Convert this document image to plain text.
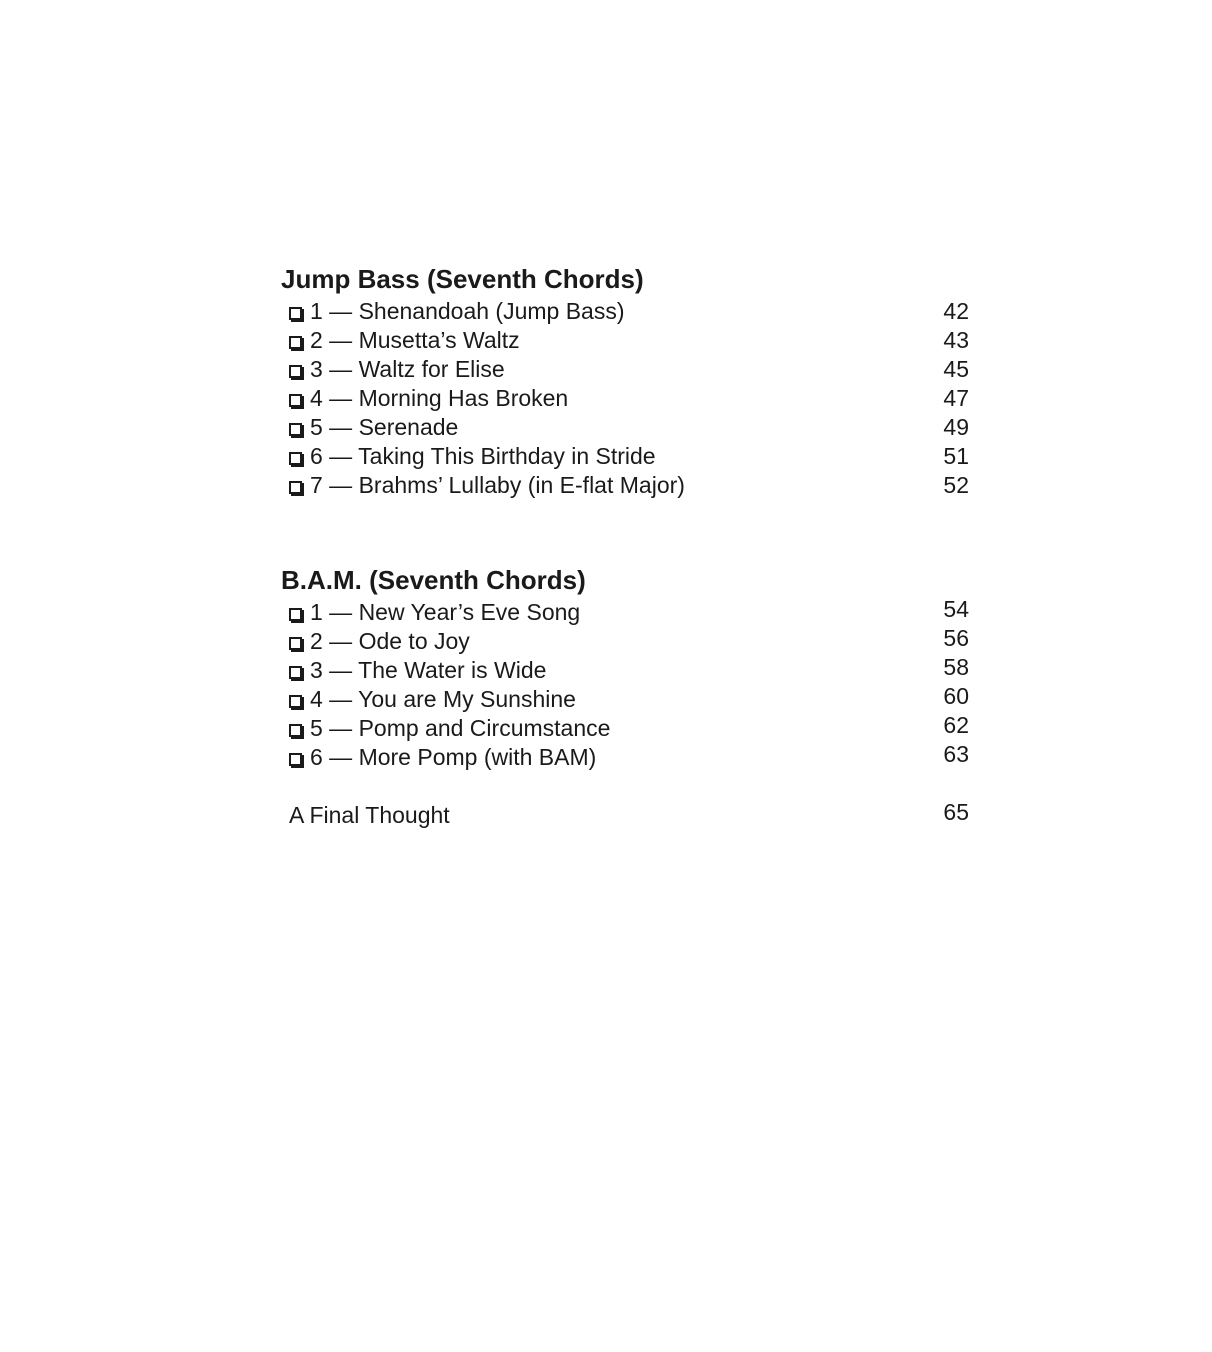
Jump Bass (Seventh Chords)
1 — Shenandoah (Jump Bass)	42
2 — Musetta’s Waltz	43
3 — Waltz for Elise	45
4 — Morning Has Broken	47
5 — Serenade	49
6 — Taking This Birthday in Stride	51
7 — Brahms’ Lullaby (in E-flat Major)	52
B.A.M. (Seventh Chords)
1 — New Year’s Eve Song	54
2 — Ode to Joy	56
3 — The Water is Wide	58
4 — You are My Sunshine	60
5 — Pomp and Circumstance	62
6 — More Pomp (with BAM)	63
A Final Thought	65
